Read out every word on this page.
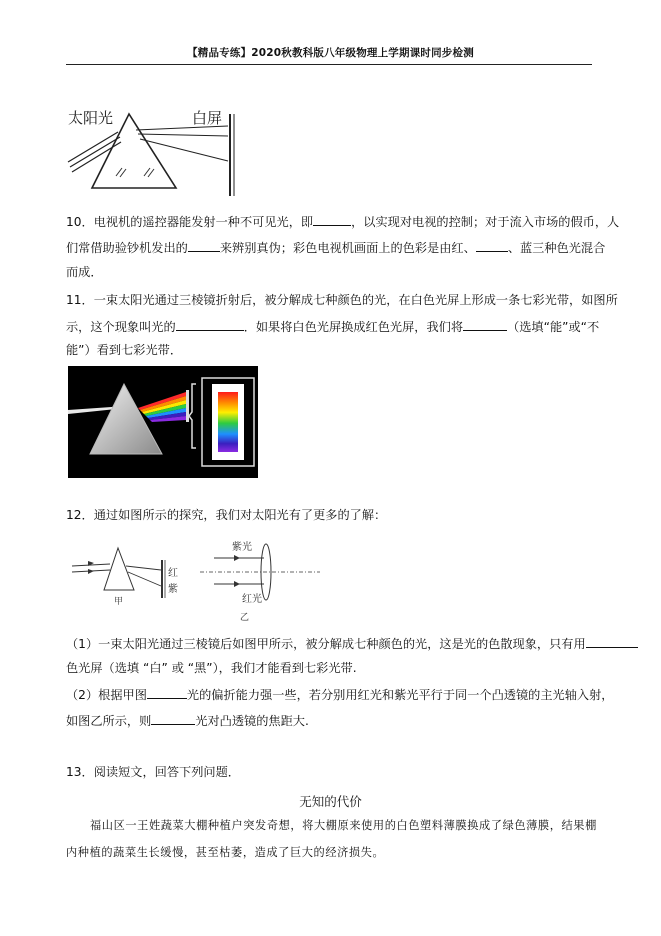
【精品专练】2020秋教科版八年级物理上学期课时同步检测
太阳光	白屏
10．电视机的遥控器能发射一种不可见光，即	，以实现对电视的控制；对于流入市场的假币，人
们常借助验钞机发出的	来辨别真伪；彩色电视机画面上的色彩是由红、	、蓝三种色光混合
而成．
11．一束太阳光通过三棱镜折射后，被分解成七种颜色的光，在白色光屏上形成一条七彩光带，如图所
示，这个现象叫光的	．如果将白色光屏换成红色光屏，我们将	（选填“能”或“不
能”）看到七彩光带．
12．通过如图所示的探究，我们对太阳光有了更多的了解：
红
紫
甲
紫光
红光
乙
（1）一束太阳光通过三棱镜后如图甲所示，被分解成七种颜色的光，这是光的色散现象，只有用
色光屏（选填 “白” 或 “黑”），我们才能看到七彩光带.
（2）根据甲图	光的偏折能力强一些，若分别用红光和紫光平行于同一个凸透镜的主光轴入射，
如图乙所示，则	光对凸透镜的焦距大.
13．阅读短文，回答下列问题．
无知的代价
福山区一王姓蔬菜大棚种植户突发奇想，将大棚原来使用的白色塑料薄膜换成了绿色薄膜，结果棚
内种植的蔬菜生长缓慢，甚至枯萎，造成了巨大的经济损失。
